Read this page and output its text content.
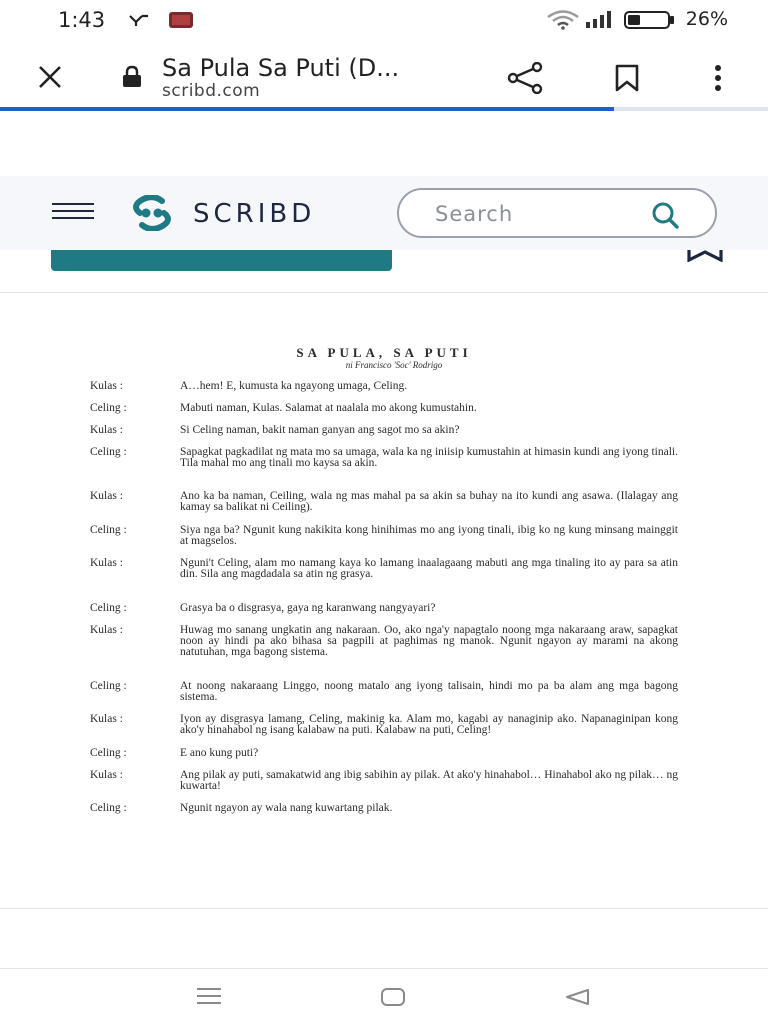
1:43	26%
Sa Pula Sa Puti (D...
scribd.com
SCRIBD
Search
SA PULA, SA PUTI
ni Francisco 'Soc' Rodrigo
Kulas :	A…hem! E, kumusta ka ngayong umaga, Celing.
Celing :	Mabuti naman, Kulas. Salamat at naalala mo akong kumustahin.
Kulas :	Si Celing naman, bakit naman ganyan ang sagot mo sa akin?
Celing :	Sapagkat pagkadilat ng mata mo sa umaga, wala ka ng iniisip kumustahin at himasin kundi ang iyong tinali. Tila mahal mo ang tinali mo kaysa sa akin.
Kulas :	Ano ka ba naman, Ceiling, wala ng mas mahal pa sa akin sa buhay na ito kundi ang asawa. (Ilalagay ang kamay sa balikat ni Ceiling).
Celing :	Siya nga ba? Ngunit kung nakikita kong hinihimas mo ang iyong tinali, ibig ko ng kung minsang mainggit at magselos.
Kulas :	Nguni't Celing, alam mo namang kaya ko lamang inaalagaang mabuti ang mga tinaling ito ay para sa atin din. Sila ang magdadala sa atin ng grasya.
Celing :	Grasya ba o disgrasya, gaya ng karanwang nangyayari?
Kulas :	Huwag mo sanang ungkatin ang nakaraan. Oo, ako nga'y napagtalo noong mga nakaraang araw, sapagkat noon ay hindi pa ako bihasa sa pagpili at paghimas ng manok. Ngunit ngayon ay marami na akong natutuhan, mga bagong sistema.
Celing :	At noong nakaraang Linggo, noong matalo ang iyong talisain, hindi mo pa ba alam ang mga bagong sistema.
Kulas :	Iyon ay disgrasya lamang, Celing, makinig ka. Alam mo, kagabi ay nanaginip ako. Napanaginipan kong ako'y hinahabol ng isang kalabaw na puti. Kalabaw na puti, Celing!
Celing :	E ano kung puti?
Kulas :	Ang pilak ay puti, samakatwid ang ibig sabihin ay pilak. At ako'y hinahabol… Hinahabol ako ng pilak… ng kuwarta!
Celing :	Ngunit ngayon ay wala nang kuwartang pilak.
